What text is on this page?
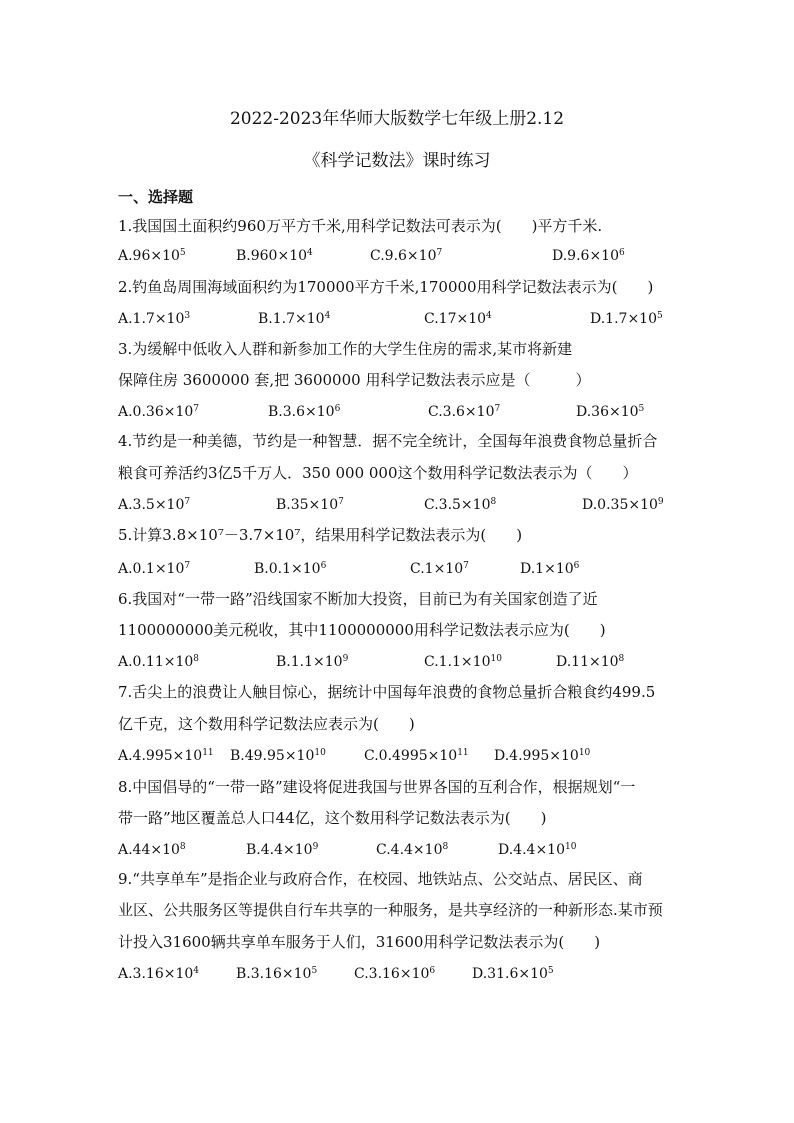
2022-2023年华师大版数学七年级上册2.12
《科学记数法》课时练习
一、选择题
1.我国国土面积约960万平方千米,用科学记数法可表示为(　　)平方千米.
$A.96\times 10^5$	$B.960\times 10^4$	$C.9.6\times 10^7$	$D.9.6\times 10^6$
2.钓鱼岛周围海域面积约为170000平方千米,170000用科学记数法表示为(　　)
$A.1.7\times 10^3$	$B.1.7\times 10^4$	$C.17\times 10^4$	$D.1.7\times 10^5$
3.为缓解中低收入人群和新参加工作的大学生住房的需求,某市将新建
保障住房 3600000 套,把 3600000 用科学记数法表示应是（　　　）
$A.0.36\times 10^7$	$B.3.6\times 10^6$	$C.3.6\times 10^7$	$D.36\times 10^5$
4.节约是一种美德，节约是一种智慧．据不完全统计，全国每年浪费食物总量折合
粮食可养活约3亿5千万人．350 000 000这个数用科学记数法表示为（　　）
$A.3.5\times 10^7$	$B.35\times 10^7$	$C.3.5\times 10^8$	$D.0.35\times 10^9$
5.计算3.8×10⁷－3.7×10⁷，结果用科学记数法表示为(　　)
$A.0.1\times 10^7$	$B.0.1\times 10^6$	$C.1\times 10^7$	$D.1\times 10^6$
6.我国对“一带一路”沿线国家不断加大投资，目前已为有关国家创造了近
1100000000美元税收，其中1100000000用科学记数法表示应为(　　)
$A.0.11\times 10^8$	$B.1.1\times 10^9$	$C.1.1\times 10^{10}$	$D.11\times 10^8$
7.舌尖上的浪费让人触目惊心，据统计中国每年浪费的食物总量折合粮食约499.5
亿千克，这个数用科学记数法应表示为(　　)
$A.4.995\times 10^{11}$ $B.49.95\times 10^{10}$	$C.0.4995\times 10^{11}$ $D.4.995\times 10^{10}$
8.中国倡导的“一带一路”建设将促进我国与世界各国的互利合作，根据规划“一
带一路”地区覆盖总人口44亿，这个数用科学记数法表示为(　　)
$A.44\times 10^8$	$B.4.4\times 10^9$	$C.4.4\times 10^8$	$D.4.4\times 10^{10}$
9.“共享单车”是指企业与政府合作，在校园、地铁站点、公交站点、居民区、商
业区、公共服务区等提供自行车共享的一种服务，是共享经济的一种新形态.某市预
计投入31600辆共享单车服务于人们，31600用科学记数法表示为(　　)
$A.3.16\times 10^4$	$B.3.16\times 10^5$	$C.3.16\times 10^6$	$D.31.6\times 10^5$
